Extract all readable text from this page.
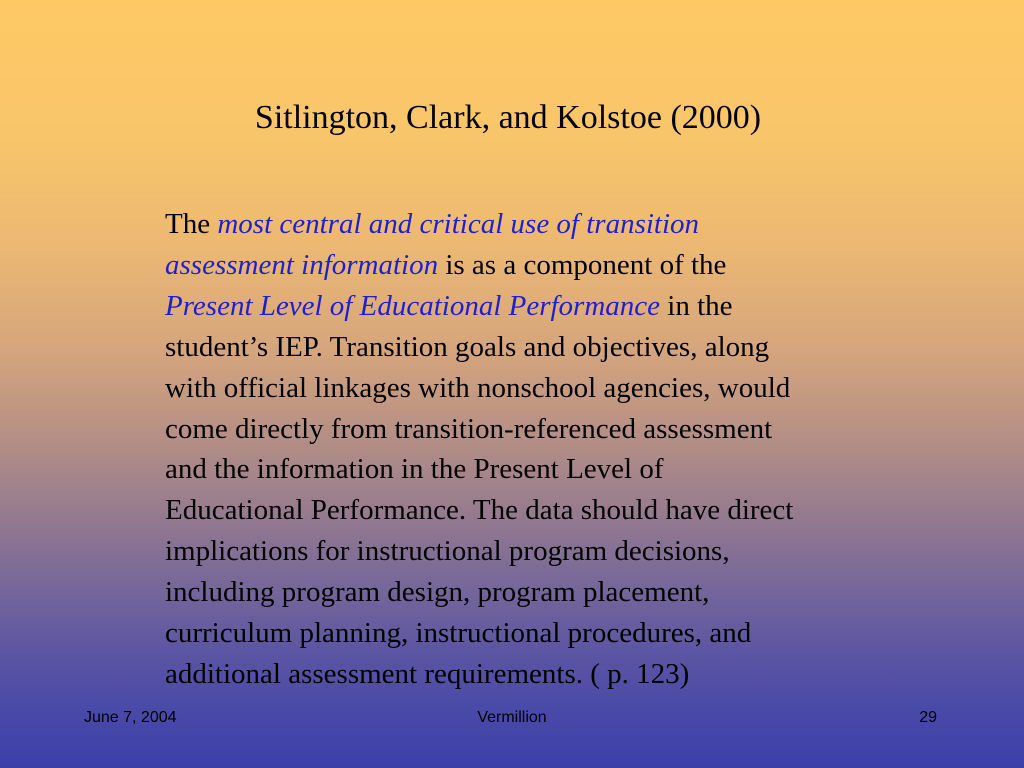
Sitlington, Clark, and Kolstoe (2000)
The most central and critical use of transition
assessment information is as a component of the
Present Level of Educational Performance in the
student’s IEP. Transition goals and objectives, along
with official linkages with nonschool agencies, would
come directly from transition-referenced assessment
and the information in the Present Level of
Educational Performance. The data should have direct
implications for instructional program decisions,
including program design, program placement,
curriculum planning, instructional procedures, and
additional assessment requirements. ( p. 123)
June 7, 2004	Vermillion	29
